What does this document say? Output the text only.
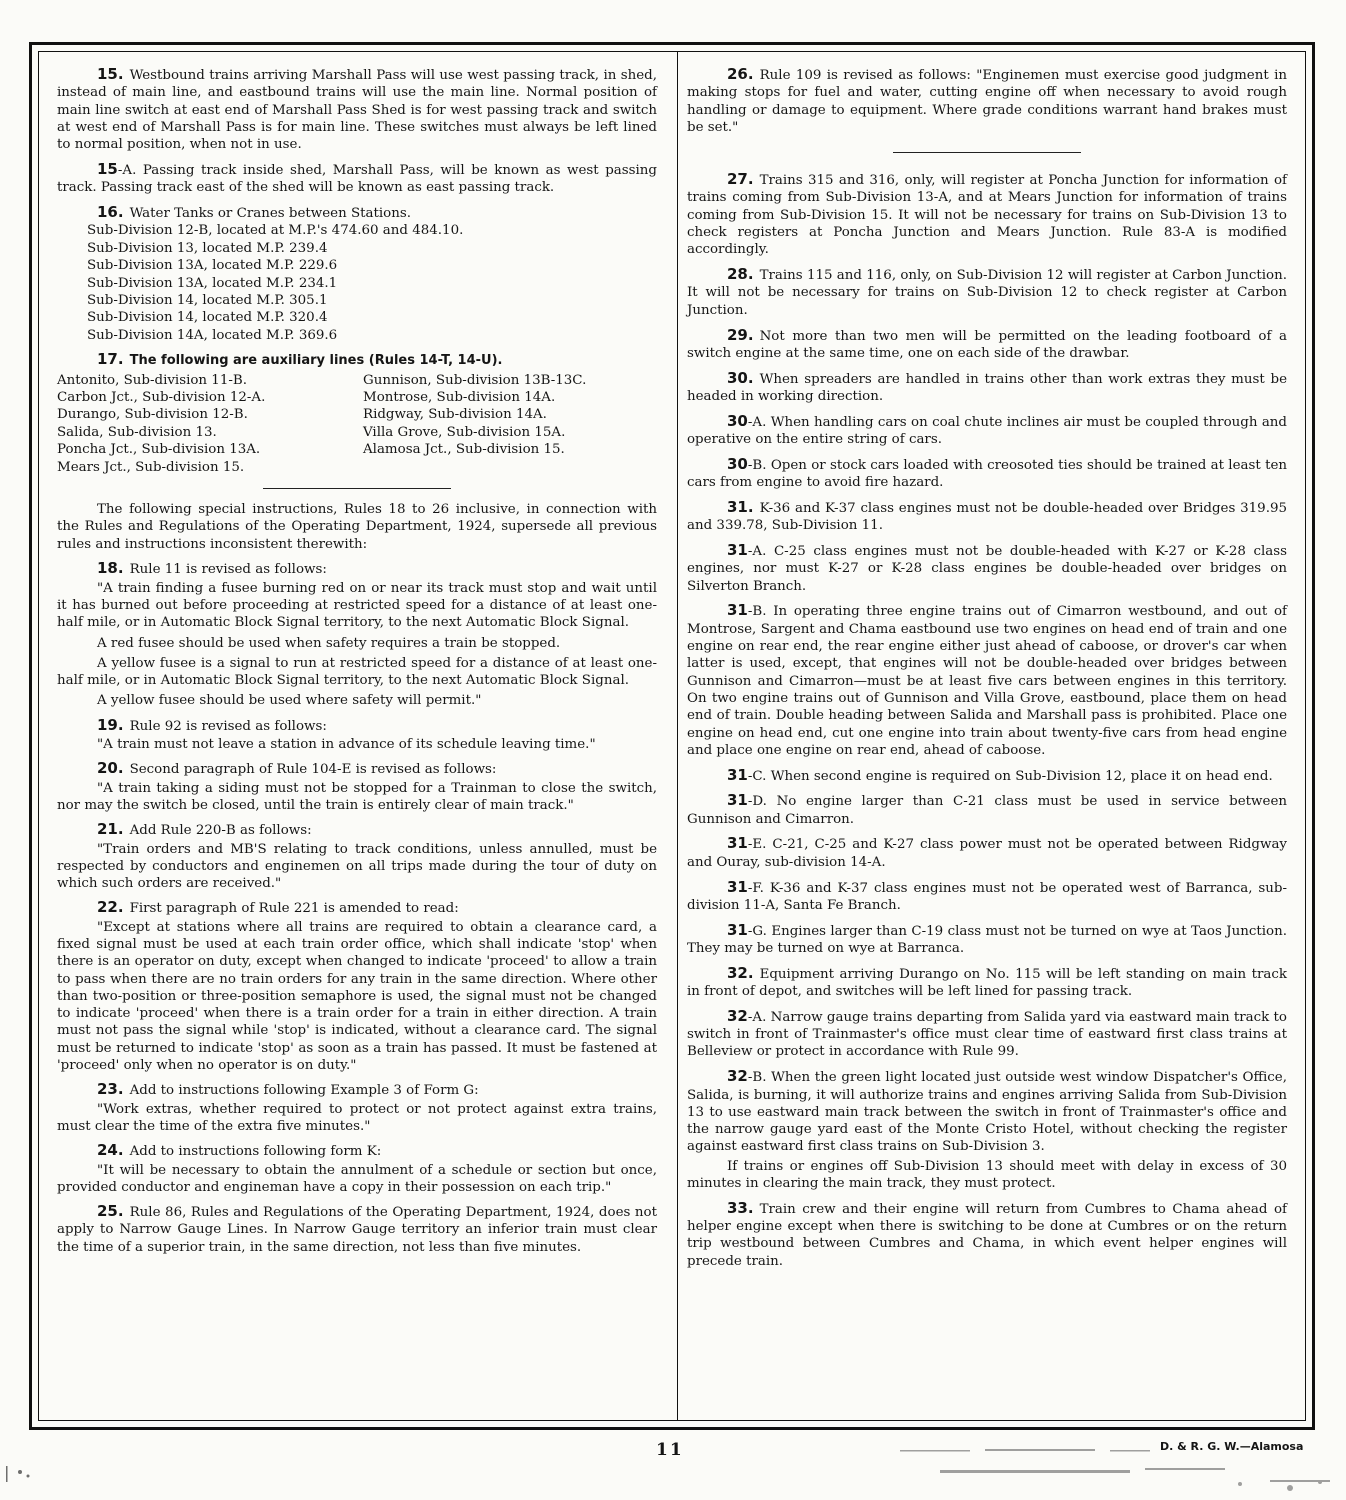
15. Westbound trains arriving Marshall Pass will use west passing track, in shed, instead of main line, and eastbound trains will use the main line. Normal position of main line switch at east end of Marshall Pass Shed is for west passing track and switch at west end of Marshall Pass is for main line. These switches must always be left lined to normal position, when not in use.

15-A. Passing track inside shed, Marshall Pass, will be known as west passing track. Passing track east of the shed will be known as east passing track.

16. Water Tanks or Cranes between Stations.

Sub-Division 12-B, located at M.P.'s 474.60 and 484.10.
Sub-Division 13, located M.P. 239.4
Sub-Division 13A, located M.P. 229.6
Sub-Division 13A, located M.P. 234.1
Sub-Division 14, located M.P. 305.1
Sub-Division 14, located M.P. 320.4
Sub-Division 14A, located M.P. 369.6

17. The following are auxiliary lines (Rules 14-T, 14-U).

Antonito, Sub-division 11-B.	Gunnison, Sub-division 13B-13C.
Carbon Jct., Sub-division 12-A.	Montrose, Sub-division 14A.
Durango, Sub-division 12-B.	Ridgway, Sub-division 14A.
Salida, Sub-division 13.	Villa Grove, Sub-division 15A.
Poncha Jct., Sub-division 13A.	Alamosa Jct., Sub-division 15.
Mears Jct., Sub-division 15.

The following special instructions, Rules 18 to 26 inclusive, in connection with the Rules and Regulations of the Operating Department, 1924, supersede all previous rules and instructions inconsistent therewith:

18. Rule 11 is revised as follows:

"A train finding a fusee burning red on or near its track must stop and wait until it has burned out before proceeding at restricted speed for a distance of at least one-half mile, or in Automatic Block Signal territory, to the next Automatic Block Signal.

A red fusee should be used when safety requires a train be stopped.

A yellow fusee is a signal to run at restricted speed for a distance of at least one-half mile, or in Automatic Block Signal territory, to the next Automatic Block Signal.

A yellow fusee should be used where safety will permit."

19. Rule 92 is revised as follows:

"A train must not leave a station in advance of its schedule leaving time."

20. Second paragraph of Rule 104-E is revised as follows:

"A train taking a siding must not be stopped for a Trainman to close the switch, nor may the switch be closed, until the train is entirely clear of main track."

21. Add Rule 220-B as follows:

"Train orders and MB'S relating to track conditions, unless annulled, must be respected by conductors and enginemen on all trips made during the tour of duty on which such orders are received."

22. First paragraph of Rule 221 is amended to read:

"Except at stations where all trains are required to obtain a clearance card, a fixed signal must be used at each train order office, which shall indicate 'stop' when there is an operator on duty, except when changed to indicate 'proceed' to allow a train to pass when there are no train orders for any train in the same direction. Where other than two-position or three-position semaphore is used, the signal must not be changed to indicate 'proceed' when there is a train order for a train in either direction. A train must not pass the signal while 'stop' is indicated, without a clearance card. The signal must be returned to indicate 'stop' as soon as a train has passed. It must be fastened at 'proceed' only when no operator is on duty."

23. Add to instructions following Example 3 of Form G:

"Work extras, whether required to protect or not protect against extra trains, must clear the time of the extra five minutes."

24. Add to instructions following form K:

"It will be necessary to obtain the annulment of a schedule or section but once, provided conductor and engineman have a copy in their possession on each trip."

25. Rule 86, Rules and Regulations of the Operating Department, 1924, does not apply to Narrow Gauge Lines. In Narrow Gauge territory an inferior train must clear the time of a superior train, in the same direction, not less than five minutes.

26. Rule 109 is revised as follows: "Enginemen must exercise good judgment in making stops for fuel and water, cutting engine off when necessary to avoid rough handling or damage to equipment. Where grade conditions warrant hand brakes must be set."

27. Trains 315 and 316, only, will register at Poncha Junction for information of trains coming from Sub-Division 13-A, and at Mears Junction for information of trains coming from Sub-Division 15. It will not be necessary for trains on Sub-Division 13 to check registers at Poncha Junction and Mears Junction. Rule 83-A is modified accordingly.

28. Trains 115 and 116, only, on Sub-Division 12 will register at Carbon Junction. It will not be necessary for trains on Sub-Division 12 to check register at Carbon Junction.

29. Not more than two men will be permitted on the leading footboard of a switch engine at the same time, one on each side of the drawbar.

30. When spreaders are handled in trains other than work extras they must be headed in working direction.

30-A. When handling cars on coal chute inclines air must be coupled through and operative on the entire string of cars.

30-B. Open or stock cars loaded with creosoted ties should be trained at least ten cars from engine to avoid fire hazard.

31. K-36 and K-37 class engines must not be double-headed over Bridges 319.95 and 339.78, Sub-Division 11.

31-A. C-25 class engines must not be double-headed with K-27 or K-28 class engines, nor must K-27 or K-28 class engines be double-headed over bridges on Silverton Branch.

31-B. In operating three engine trains out of Cimarron westbound, and out of Montrose, Sargent and Chama eastbound use two engines on head end of train and one engine on rear end, the rear engine either just ahead of caboose, or drover's car when latter is used, except, that engines will not be double-headed over bridges between Gunnison and Cimarron—must be at least five cars between engines in this territory. On two engine trains out of Gunnison and Villa Grove, eastbound, place them on head end of train. Double heading between Salida and Marshall pass is prohibited. Place one engine on head end, cut one engine into train about twenty-five cars from head engine and place one engine on rear end, ahead of caboose.

31-C. When second engine is required on Sub-Division 12, place it on head end.

31-D. No engine larger than C-21 class must be used in service between Gunnison and Cimarron.

31-E. C-21, C-25 and K-27 class power must not be operated between Ridgway and Ouray, sub-division 14-A.

31-F. K-36 and K-37 class engines must not be operated west of Barranca, sub-division 11-A, Santa Fe Branch.

31-G. Engines larger than C-19 class must not be turned on wye at Taos Junction. They may be turned on wye at Barranca.

32. Equipment arriving Durango on No. 115 will be left standing on main track in front of depot, and switches will be left lined for passing track.

32-A. Narrow gauge trains departing from Salida yard via eastward main track to switch in front of Trainmaster's office must clear time of eastward first class trains at Belleview or protect in accordance with Rule 99.

32-B. When the green light located just outside west window Dispatcher's Office, Salida, is burning, it will authorize trains and engines arriving Salida from Sub-Division 13 to use eastward main track between the switch in front of Trainmaster's office and the narrow gauge yard east of the Monte Cristo Hotel, without checking the register against eastward first class trains on Sub-Division 3.

If trains or engines off Sub-Division 13 should meet with delay in excess of 30 minutes in clearing the main track, they must protect.

33. Train crew and their engine will return from Cumbres to Chama ahead of helper engine except when there is switching to be done at Cumbres or on the return trip westbound between Cumbres and Chama, in which event helper engines will precede train.

11	D. & R. G. W.—Alamosa
